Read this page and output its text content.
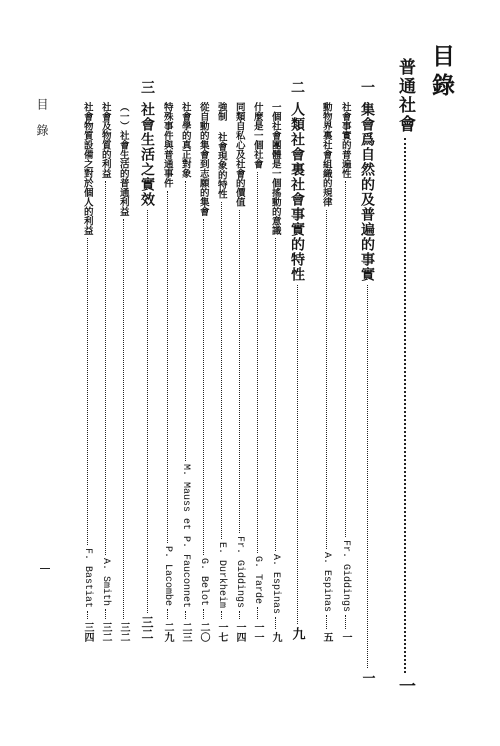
目錄
目錄
普通社會
一
一
集會爲自然的及普遍的事實
一
社會事實的普遍性
Fr. Giddings
一
動物界裏社會組織的規律
A. Espinas
五
二
人類社會裏社會事實的特性
九
一個社會團體是一個搖動的意識
A. Espinas
九
什麼是一個社會
G. Tarde
一一
同類自私心及社會的價值
Fr. Giddings
一四
強制 社會現象的特性
E. Durkheim
一七
從自動的集會到志願的集會
G. Belot
二〇
社會學的真正對象
M. Mauss et P. Fauconnet
二三
特殊事件與普通事件
P. Lacombe
二九
三
社會生活之實效
三二
（一）社會生活的普通利益
三二
社會及物質的利益
A. Smith
三二
社會物質設備之對於個人的利益
F. Bastiat
三四
